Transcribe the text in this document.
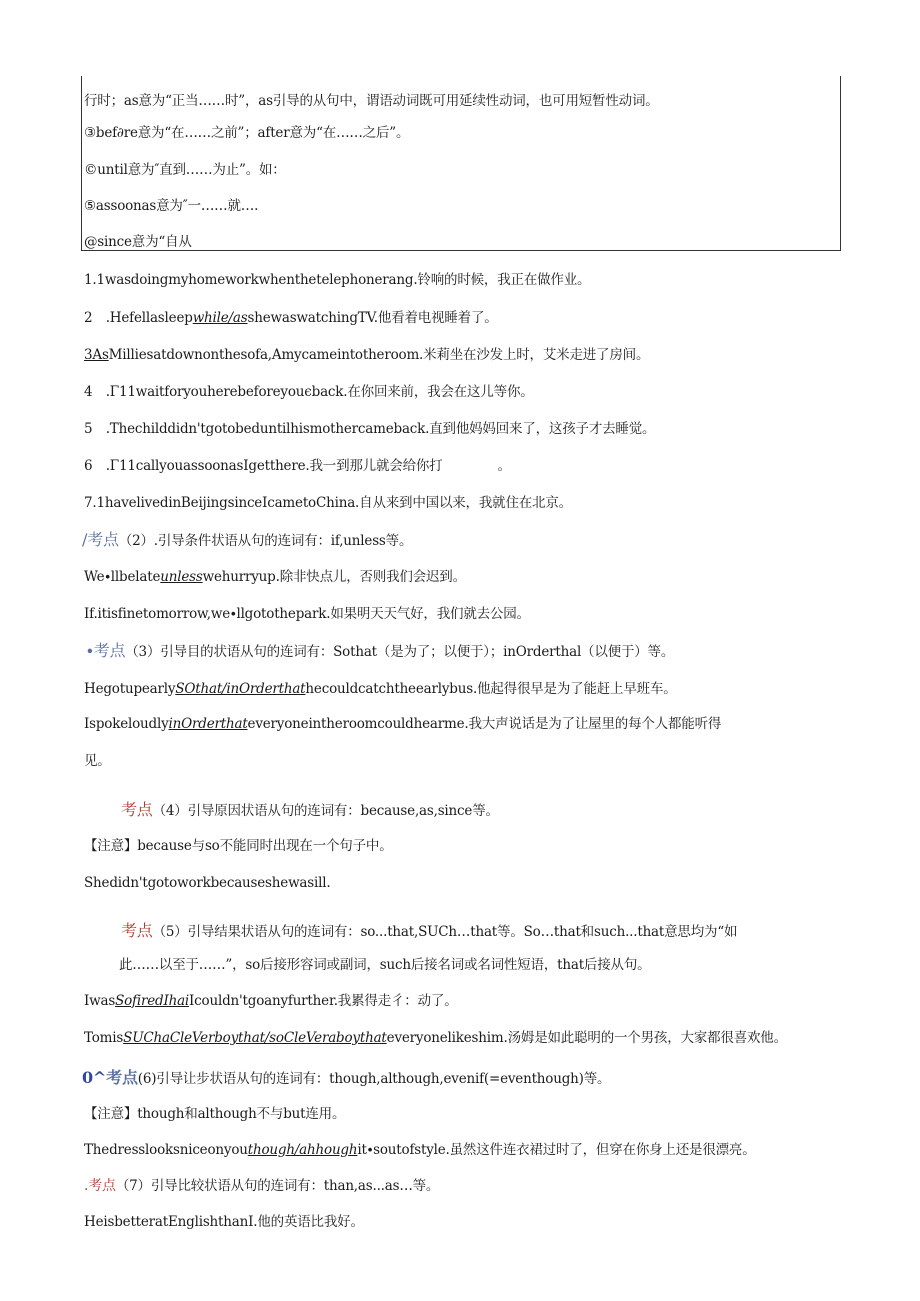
行时；as意为“正当……时”，as引导的从句中，谓语动词既可用延续性动词，也可用短暂性动词。
③bef∂re意为“在……之前”；after意为“在……之后”。
©until意为″直到……为止”。如：
⑤assoonas意为″一……就….
@since意为“自从
1.1wasdoingmyhomeworkwhenthetelephonerang.铃响的时候，我正在做作业。
2　.Hefellasleepwhile/asshewaswatchingTV.他看着电视睡着了。
3AsMilliesatdownonthesofa,Amycameintotheroom.米莉坐在沙发上时，艾米走进了房间。
4　.Γ11waitforyouherebeforeyouєback.在你回来前，我会在这儿等你。
5　.Thechilddidn'tgotobeduntilhismothercameback.直到他妈妈回来了，这孩子才去睡觉。
6　.Γ11callyouassoonasIgetthere.我一到那儿就会给你打	。
7.1havelivedinBeijingsinceIcametoChina.自从来到中国以来，我就住在北京。
/考点（2）.引导条件状语从句的连词有：if,unless等。
We∙llbelateunlesswehurryup.除非快点儿，否则我们会迟到。
If.itisfinetomorrow,we∙llgotothepark.如果明天天气好，我们就去公园。
∙考点（3）引导目的状语从句的连词有：Sothat（是为了；以便于）；inOrderthal（以便于）等。
HegotupearlySOthat/inOrderthathecouldcatchtheearlybus.他起得很早是为了能赶上早班车。
IspokeloudlyinOrderthateveryoneintheroomcouldhearme.我大声说话是为了让屋里的每个人都能听得
见。
考点（4）引导原因状语从句的连词有：because,as,since等。
【注意】because与so不能同时出现在一个句子中。
Shedidn'tgotoworkbecauseshewasill.
考点（5）引导结果状语从句的连词有：so...that,SUCh…that等。So…that和such...that意思均为“如
此……以至于……”，so后接形容词或副词，such后接名词或名词性短语，that后接从句。
IwasSofiredIhaiIcouldn'tgoanyfurther.我累得走彳：动了。
TomisSUChaCleVerboythat/soCleVeraboythateveryonelikeshim.汤姆是如此聪明的一个男孩，大家都很喜欢他。
0^考点(6)引导让步状语从句的连词有：though,although,evenif(=eventhough)等。
【注意】though和although不与but连用。
Thedresslooksniceonyouthough/ahhoughit∙soutofstyle.虽然这件连衣裙过时了，但穿在你身上还是很漂亮。
.考点（7）引导比较状语从句的连词有：than,as...as…等。
HeisbetteratEnglishthanI.他的英语比我好。
